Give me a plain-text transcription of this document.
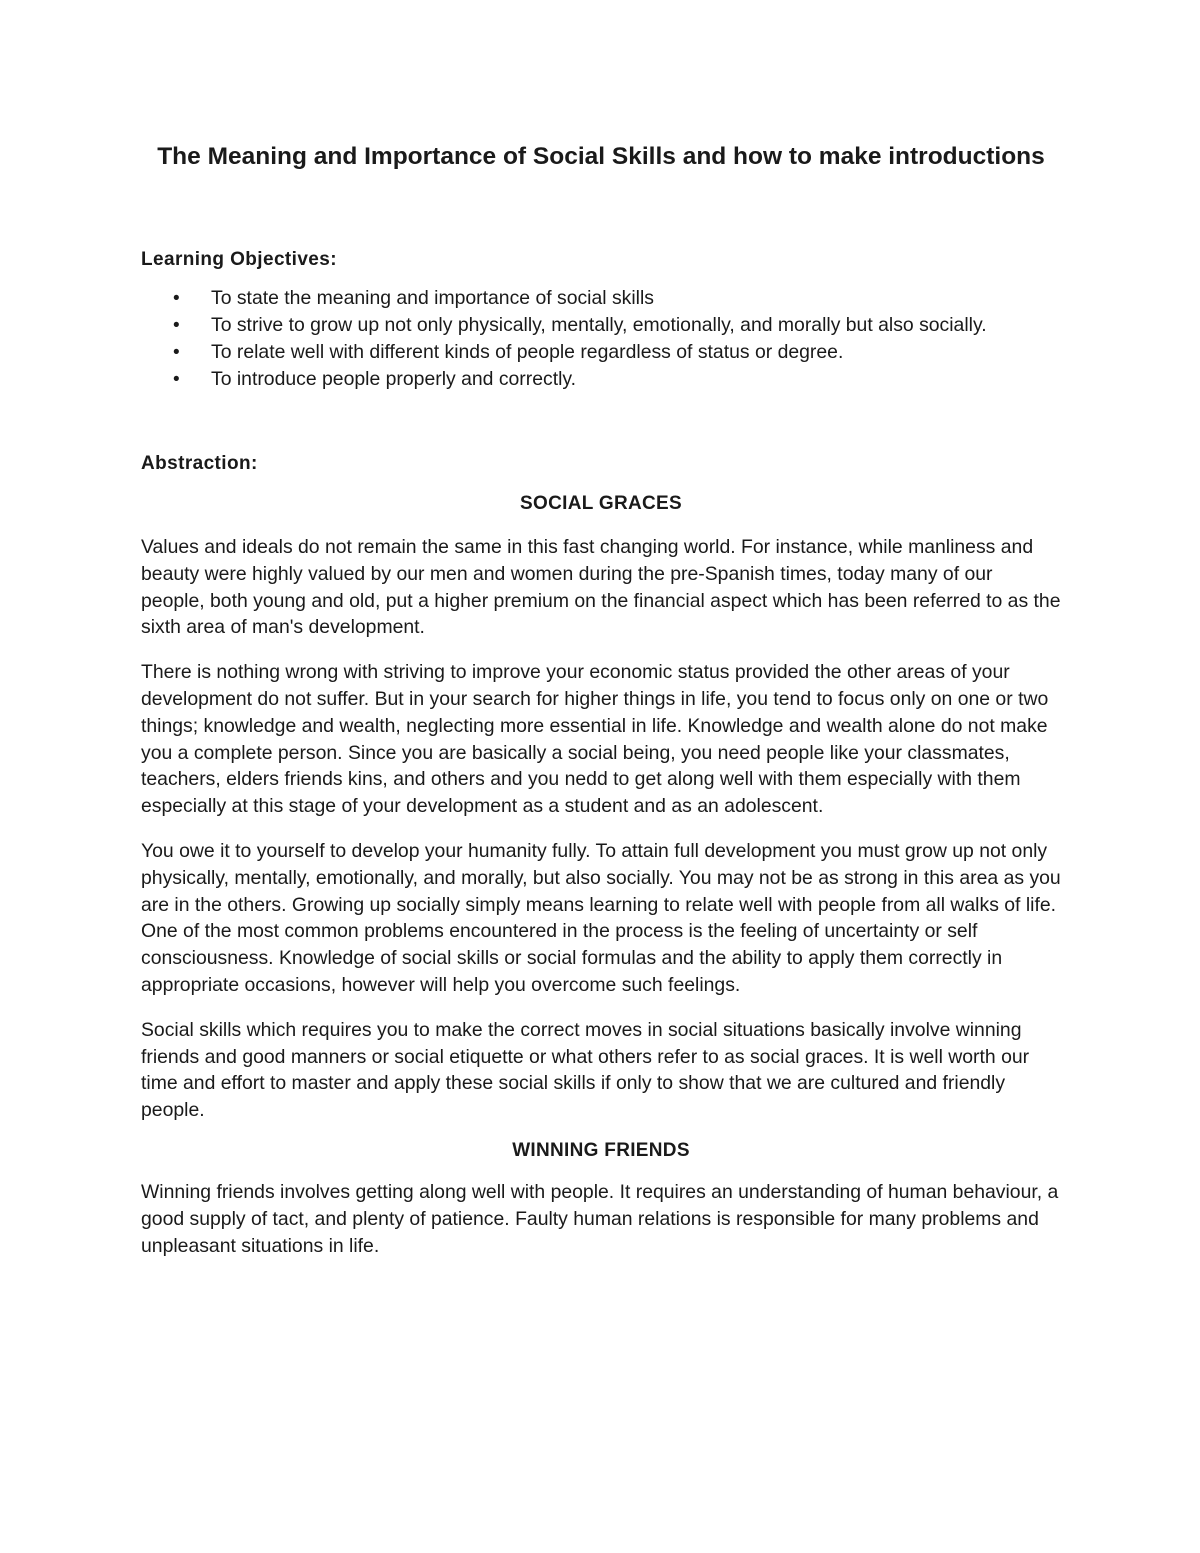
The Meaning and Importance of Social Skills and how to make introductions

Learning Objectives:

• To state the meaning and importance of social skills
• To strive to grow up not only physically, mentally, emotionally, and morally but also socially.
• To relate well with different kinds of people regardless of status or degree.
• To introduce people properly and correctly.

Abstraction:

SOCIAL GRACES

Values and ideals do not remain the same in this fast changing world. For instance, while manliness and beauty were highly valued by our men and women during the pre-Spanish times, today many of our people, both young and old, put a higher premium on the financial aspect which has been referred to as the sixth area of man's development.

There is nothing wrong with striving to improve your economic status provided the other areas of your development do not suffer. But in your search for higher things in life, you tend to focus only on one or two things; knowledge and wealth, neglecting more essential in life. Knowledge and wealth alone do not make you a complete person. Since you are basically a social being, you need people like your classmates, teachers, elders friends kins, and others and you nedd to get along well with them especially with them especially at this stage of your development as a student and as an adolescent.

You owe it to yourself to develop your humanity fully. To attain full development you must grow up not only physically, mentally, emotionally, and morally, but also socially. You may not be as strong in this area as you are in the others. Growing up socially simply means learning to relate well with people from all walks of life. One of the most common problems encountered in the process is the feeling of uncertainty or self consciousness. Knowledge of social skills or social formulas and the ability to apply them correctly in appropriate occasions, however will help you overcome such feelings.

Social skills which requires you to make the correct moves in social situations basically involve winning friends and good manners or social etiquette or what others refer to as social graces. It is well worth our time and effort to master and apply these social skills if only to show that we are cultured and friendly people.

WINNING FRIENDS

Winning friends involves getting along well with people. It requires an understanding of human behaviour, a good supply of tact, and plenty of patience. Faulty human relations is responsible for many problems and unpleasant situations in life.
